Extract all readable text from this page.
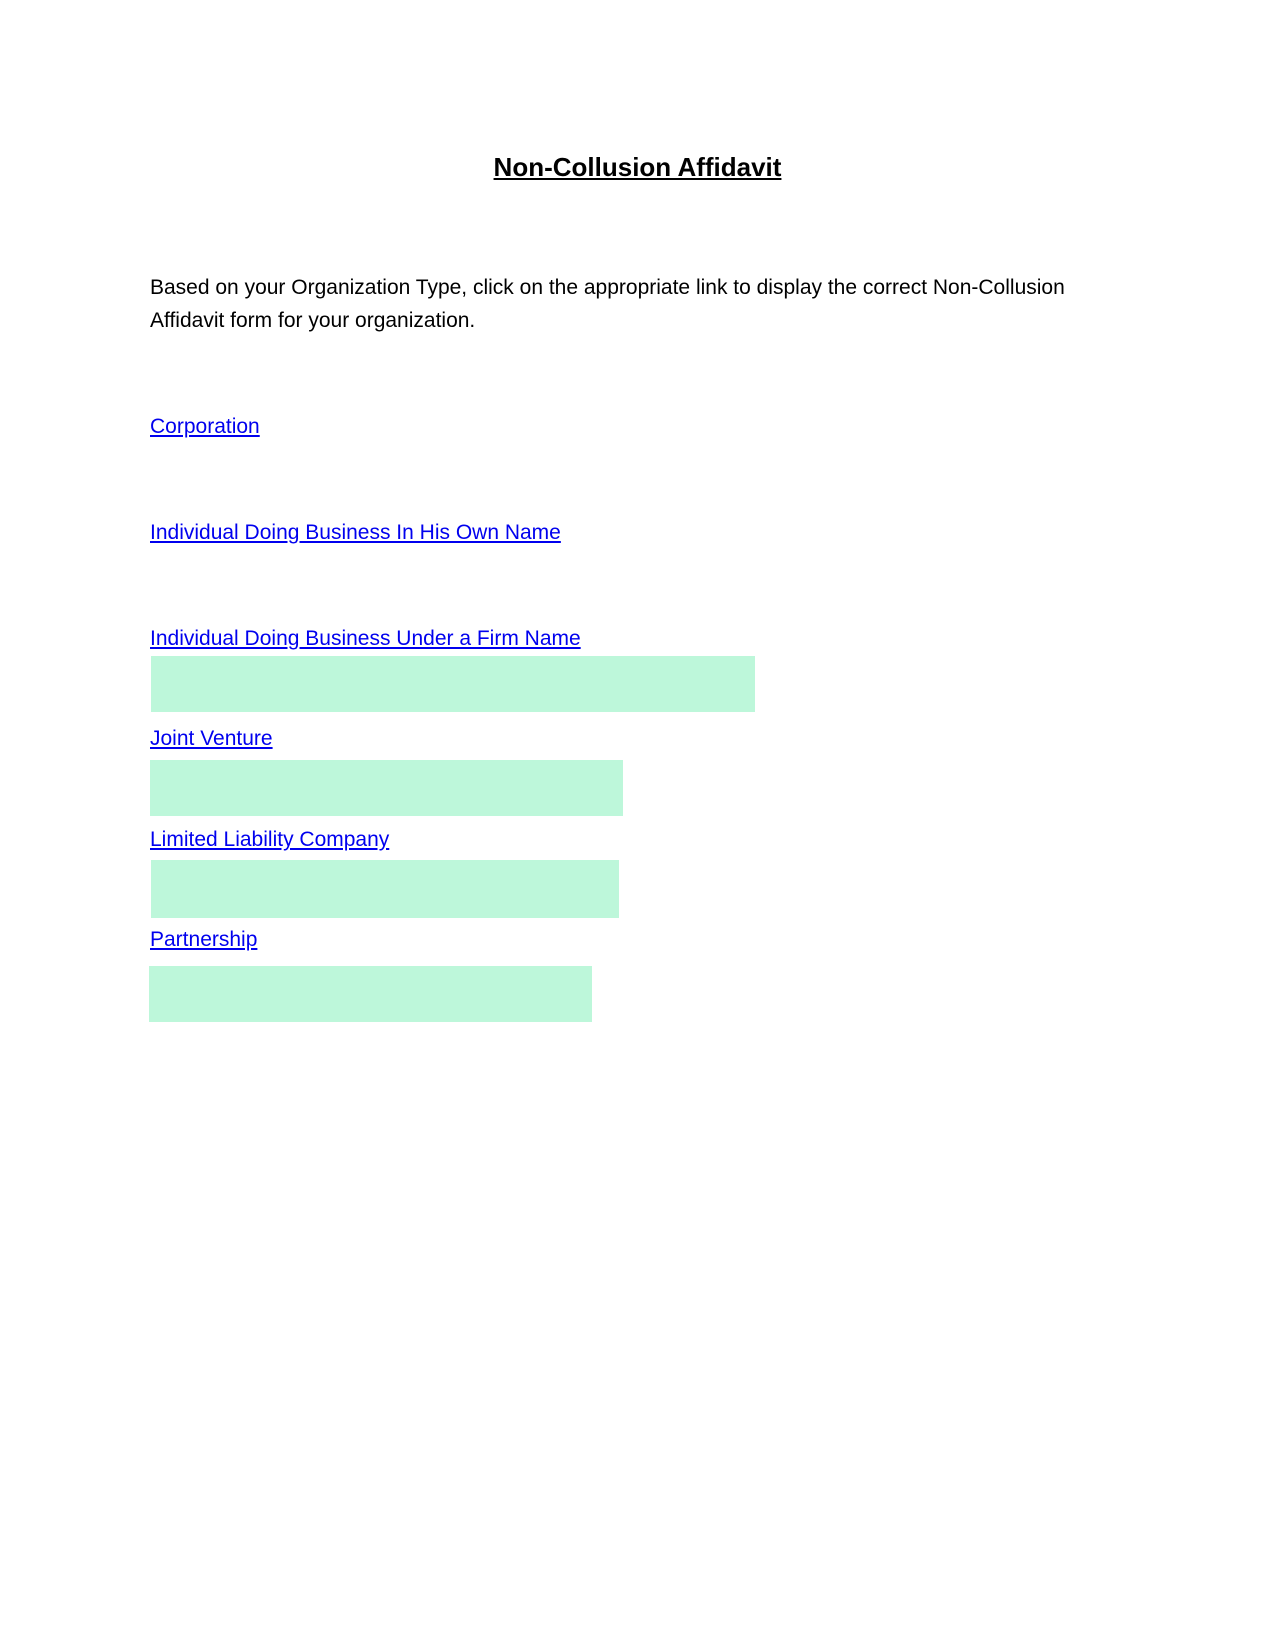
Non-Collusion Affidavit
Based on your Organization Type, click on the appropriate link to display the correct Non-Collusion Affidavit form for your organization.
Corporation
Individual Doing Business In His Own Name
Individual Doing Business Under a Firm Name
Joint Venture
Limited Liability Company
Partnership
